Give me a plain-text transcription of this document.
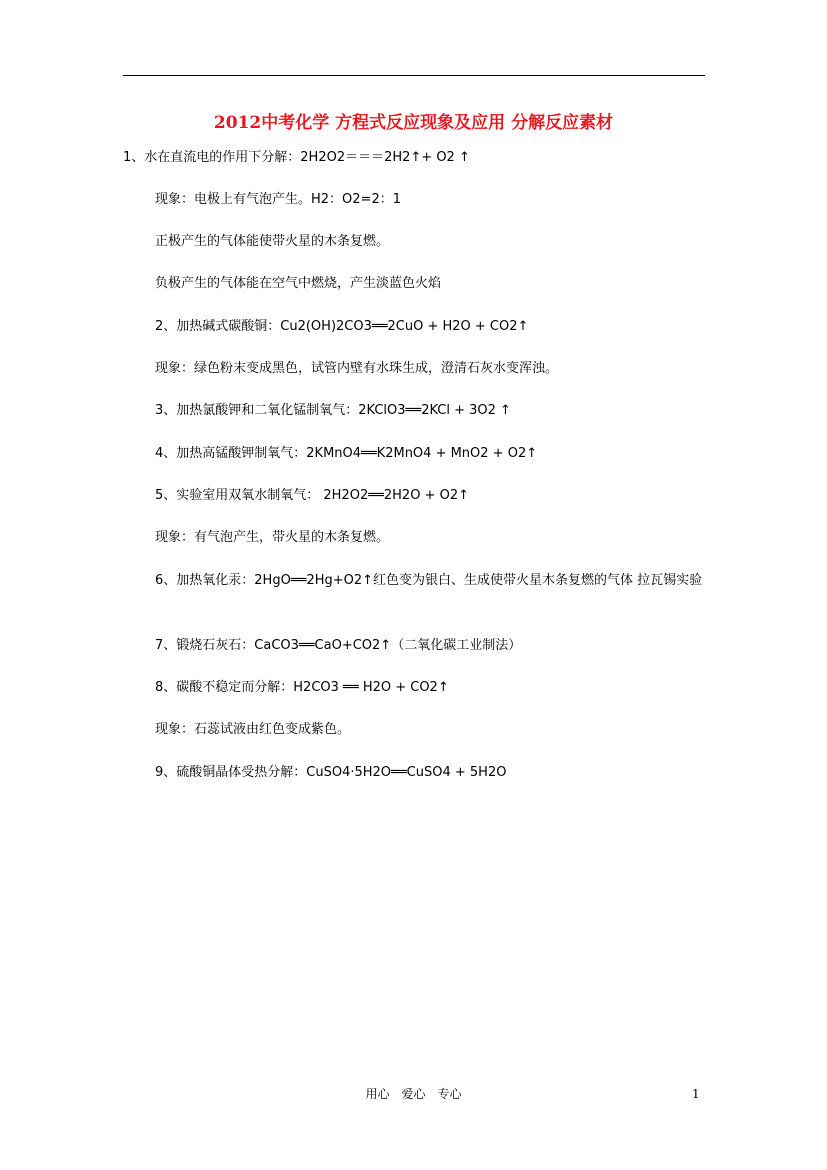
2012中考化学 方程式反应现象及应用 分解反应素材
1、水在直流电的作用下分解：2H2O2＝＝＝2H2↑+ O2 ↑
现象：电极上有气泡产生。H2：O2=2：1
正极产生的气体能使带火星的木条复燃。
负极产生的气体能在空气中燃烧，产生淡蓝色火焰
2、加热碱式碳酸铜：Cu2(OH)2CO3══2CuO + H2O + CO2↑
现象：绿色粉末变成黑色，试管内壁有水珠生成，澄清石灰水变浑浊。
3、加热氯酸钾和二氧化锰制氧气：2KClO3══2KCl + 3O2 ↑
4、加热高锰酸钾制氧气：2KMnO4══K2MnO4 + MnO2 + O2↑
5、实验室用双氧水制氧气： 2H2O2══2H2O + O2↑
现象：有气泡产生，带火星的木条复燃。
6、加热氧化汞：2HgO══2Hg+O2↑红色变为银白、生成使带火星木条复燃的气体 拉瓦锡实验
7、锻烧石灰石：CaCO3══CaO+CO2↑（二氧化碳工业制法）
8、碳酸不稳定而分解：H2CO3 ══ H2O + CO2↑
现象：石蕊试液由红色变成紫色。
9、硫酸铜晶体受热分解：CuSO4·5H2O══CuSO4 + 5H2O
用心　爱心　专心	1
